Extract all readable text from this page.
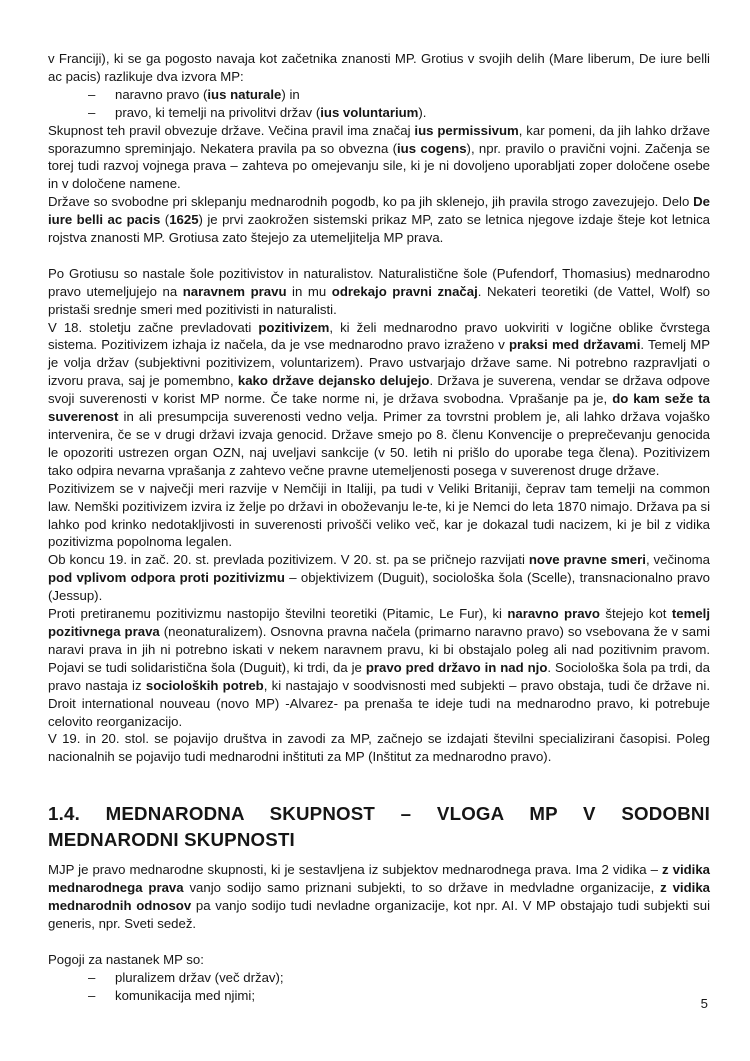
v Franciji), ki se ga pogosto navaja kot začetnika znanosti MP. Grotius v svojih delih (Mare liberum, De iure belli ac pacis) razlikuje dva izvora MP:

–	naravno pravo (ius naturale) in
–	pravo, ki temelji na privolitvi držav (ius voluntarium).

Skupnost teh pravil obvezuje države. Večina pravil ima značaj ius permissivum, kar pomeni, da jih lahko države sporazumno spreminjajo. Nekatera pravila pa so obvezna (ius cogens), npr. pravilo o pravični vojni. Začenja se torej tudi razvoj vojnega prava – zahteva po omejevanju sile, ki je ni dovoljeno uporabljati zoper določene osebe in v določene namene.

Države so svobodne pri sklepanju mednarodnih pogodb, ko pa jih sklenejo, jih pravila strogo zavezujejo. Delo De iure belli ac pacis (1625) je prvi zaokrožen sistemski prikaz MP, zato se letnica njegove izdaje šteje kot letnica rojstva znanosti MP. Grotiusa zato štejejo za utemeljitelja MP prava.

Po Grotiusu so nastale šole pozitivistov in naturalistov. Naturalistične šole (Pufendorf, Thomasius) mednarodno pravo utemeljujejo na naravnem pravu in mu odrekajo pravni značaj. Nekateri teoretiki (de Vattel, Wolf) so pristaši srednje smeri med pozitivisti in naturalisti.

V 18. stoletju začne prevladovati pozitivizem, ki želi mednarodno pravo uokviriti v logične oblike čvrstega sistema. Pozitivizem izhaja iz načela, da je vse mednarodno pravo izraženo v praksi med državami. Temelj MP je volja držav (subjektivni pozitivizem, voluntarizem). Pravo ustvarjajo države same. Ni potrebno razpravljati o izvoru prava, saj je pomembno, kako države dejansko delujejo. Država je suverena, vendar se država odpove svoji suverenosti v korist MP norme. Če take norme ni, je država svobodna. Vprašanje pa je, do kam seže ta suverenost in ali presumpcija suverenosti vedno velja. Primer za tovrstni problem je, ali lahko država vojaško intervenira, če se v drugi državi izvaja genocid. Države smejo po 8. členu Konvencije o preprečevanju genocida le opozoriti ustrezen organ OZN, naj uveljavi sankcije (v 50. letih ni prišlo do uporabe tega člena). Pozitivizem tako odpira nevarna vprašanja z zahtevo večne pravne utemeljenosti posega v suverenost druge države.

Pozitivizem se v največji meri razvije v Nemčiji in Italiji, pa tudi v Veliki Britaniji, čeprav tam temelji na common law. Nemški pozitivizem izvira iz želje po državi in oboževanju le-te, ki je Nemci do leta 1870 nimajo. Država pa si lahko pod krinko nedotakljivosti in suverenosti privošči veliko več, kar je dokazal tudi nacizem, ki je bil z vidika pozitivizma popolnoma legalen.

Ob koncu 19. in zač. 20. st. prevlada pozitivizem. V 20. st. pa se pričnejo razvijati nove pravne smeri, večinoma pod vplivom odpora proti pozitivizmu – objektivizem (Duguit), sociološka šola (Scelle), transnacionalno pravo (Jessup).

Proti pretiranemu pozitivizmu nastopijo številni teoretiki (Pitamic, Le Fur), ki naravno pravo štejejo kot temelj pozitivnega prava (neonaturalizem). Osnovna pravna načela (primarno naravno pravo) so vsebovana že v sami naravi prava in jih ni potrebno iskati v nekem naravnem pravu, ki bi obstajalo poleg ali nad pozitivnim pravom. Pojavi se tudi solidaristična šola (Duguit), ki trdi, da je pravo pred državo in nad njo. Sociološka šola pa trdi, da pravo nastaja iz socioloških potreb, ki nastajajo v soodvisnosti med subjekti – pravo obstaja, tudi če države ni. Droit international nouveau (novo MP) -Alvarez- pa prenaša te ideje tudi na mednarodno pravo, ki potrebuje celovito reorganizacijo.

V 19. in 20. stol. se pojavijo društva in zavodi za MP, začnejo se izdajati številni specializirani časopisi. Poleg nacionalnih se pojavijo tudi mednarodni inštituti za MP (Inštitut za mednarodno pravo).

1.4. MEDNARODNA SKUPNOST – VLOGA MP V SODOBNI
MEDNARODNI SKUPNOSTI

MJP je pravo mednarodne skupnosti, ki je sestavljena iz subjektov mednarodnega prava. Ima 2 vidika – z vidika mednarodnega prava vanjo sodijo samo priznani subjekti, to so države in medvladne organizacije, z vidika mednarodnih odnosov pa vanjo sodijo tudi nevladne organizacije, kot npr. AI. V MP obstajajo tudi subjekti sui generis, npr. Sveti sedež.

Pogoji za nastanek MP so:

–	pluralizem držav (več držav);
–	komunikacija med njimi;
5
